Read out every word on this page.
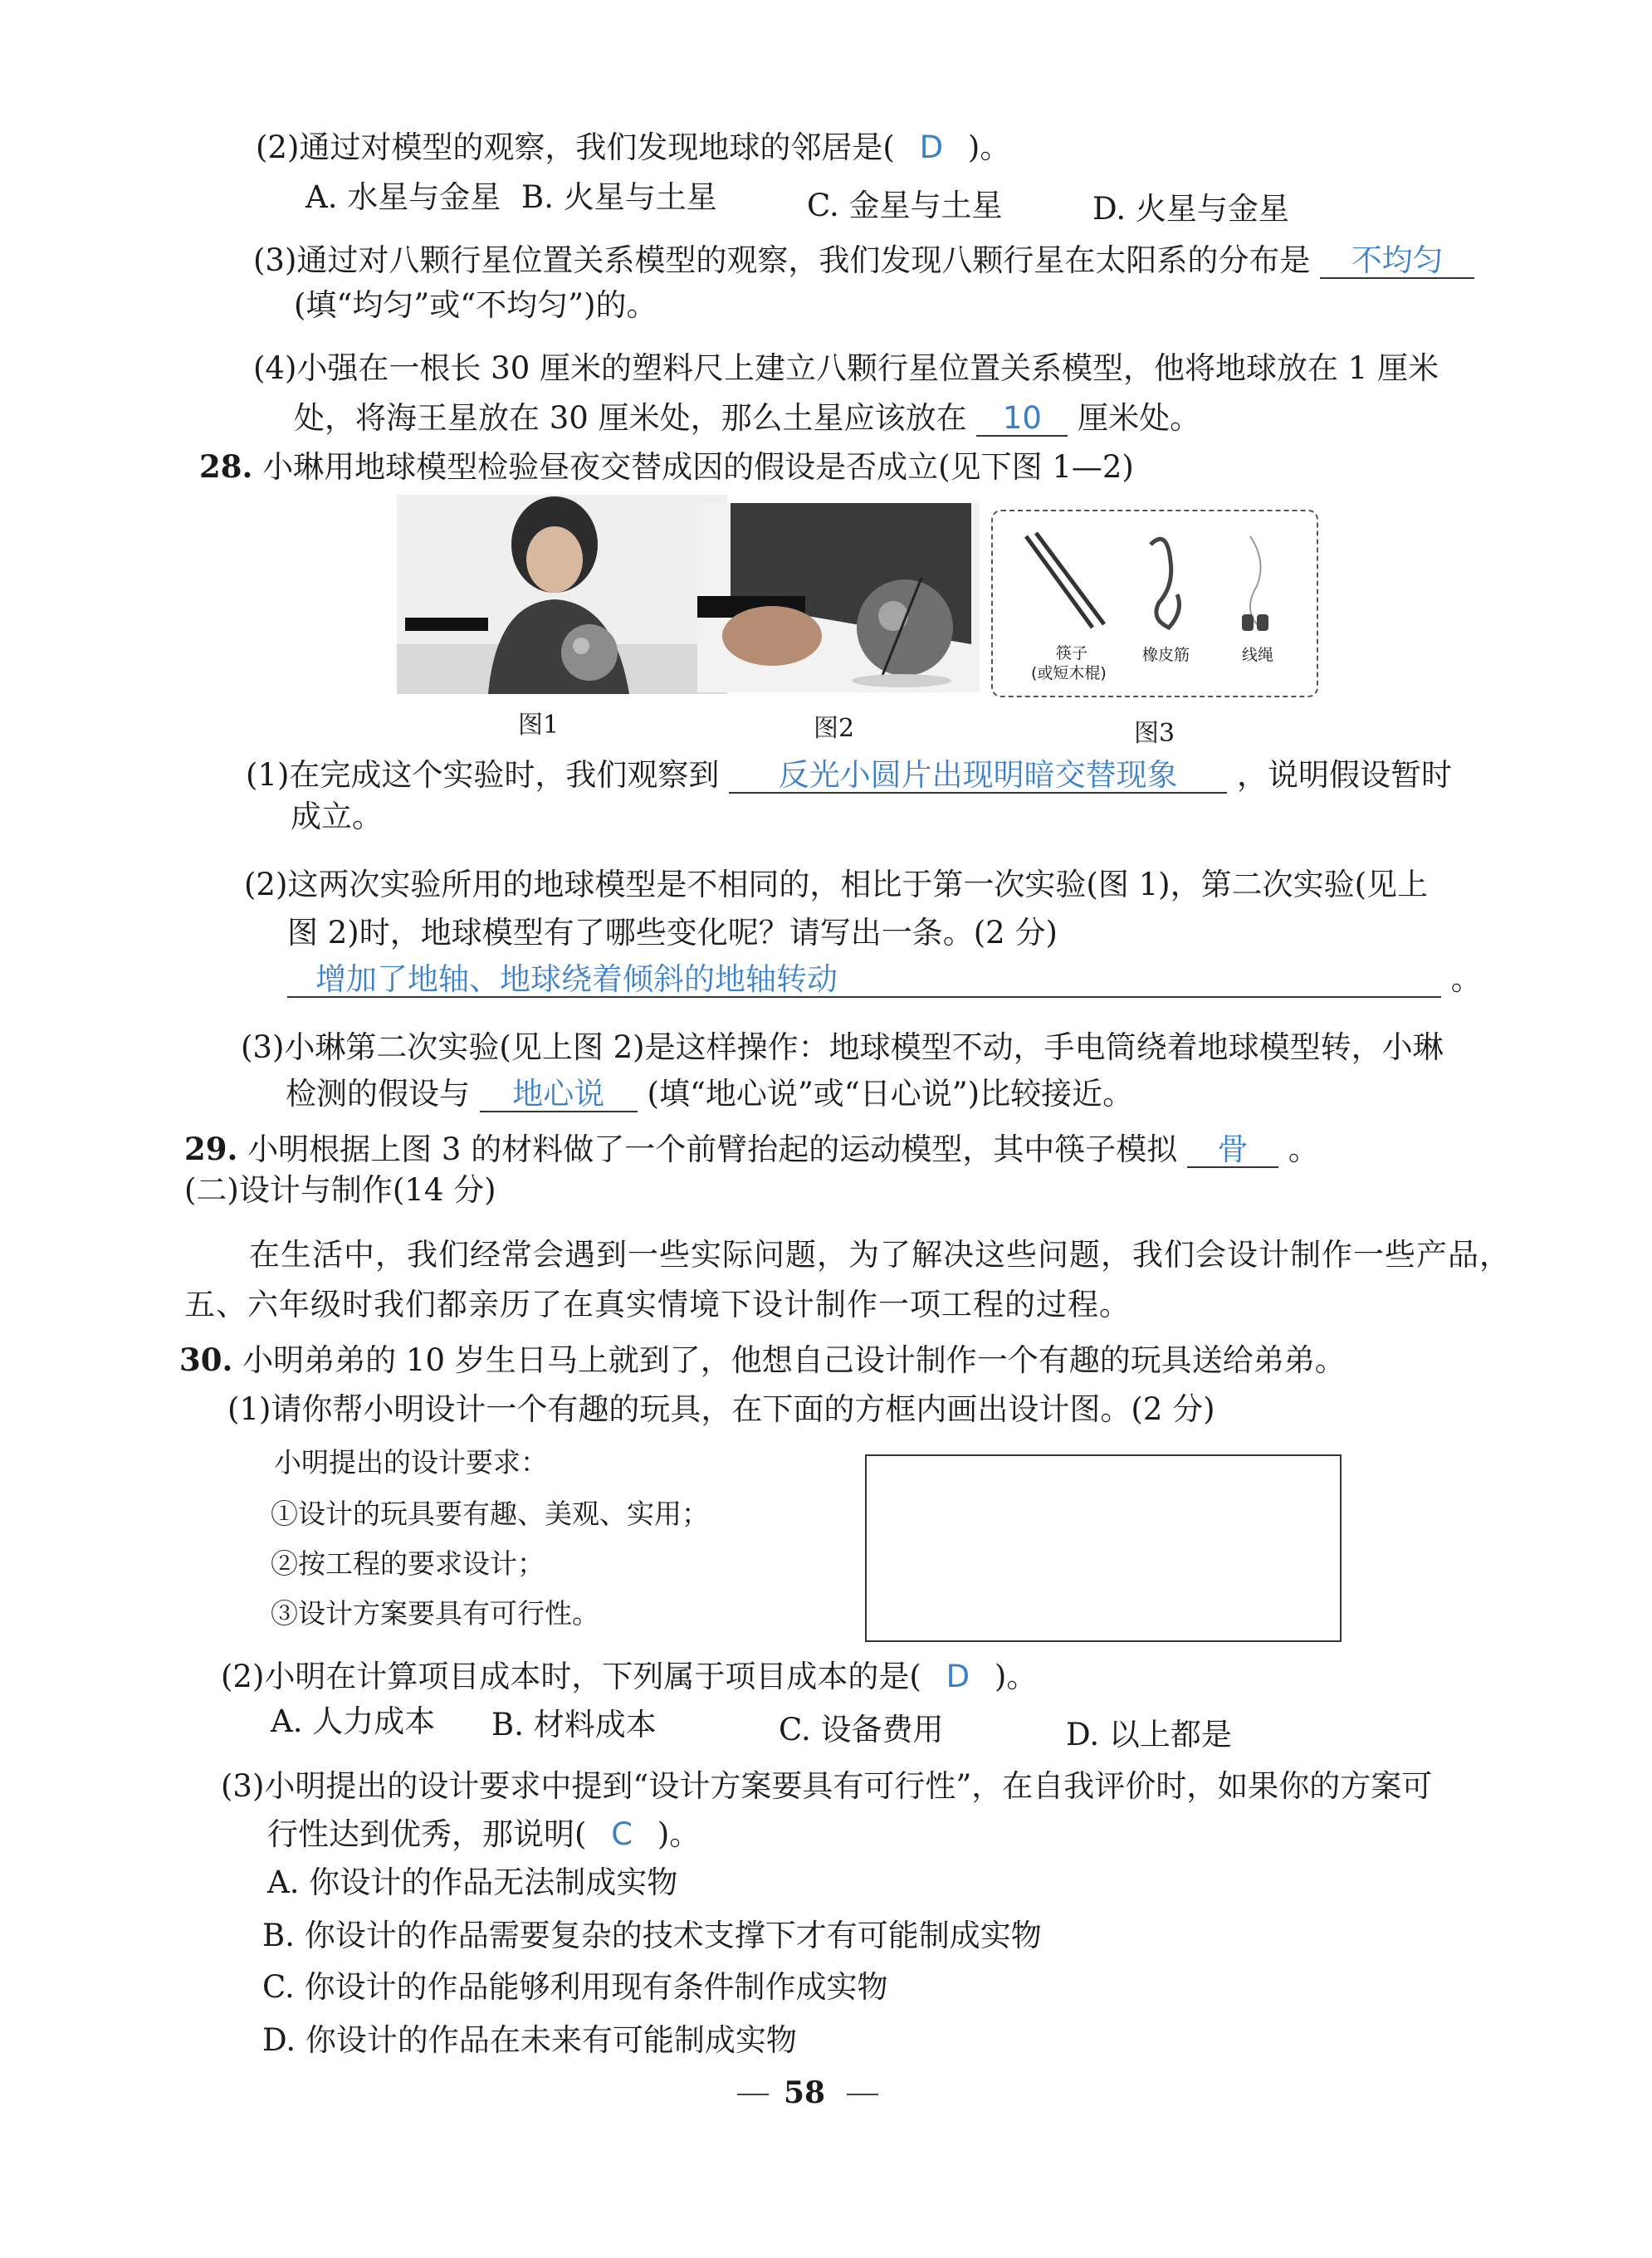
(2)通过对模型的观察，我们发现地球的邻居是( D )。
A. 水星与金星 B. 火星与土星	C. 金星与土星	D. 火星与金星
(3)通过对八颗行星位置关系模型的观察，我们发现八颗行星在太阳系的分布是 不均匀
(填“均匀”或“不均匀”)的。
(4)小强在一根长 30 厘米的塑料尺上建立八颗行星位置关系模型，他将地球放在 1 厘米
处，将海王星放在 30 厘米处，那么土星应该放在 10 厘米处。
28. 小琳用地球模型检验昼夜交替成因的假设是否成立(见下图 1—2)
图1	图2
筷子
(或短木棍)
橡皮筋	线绳
图3
(1)在完成这个实验时，我们观察到 反光小圆片出现明暗交替现象 ，说明假设暂时
成立。
(2)这两次实验所用的地球模型是不相同的，相比于第一次实验(图 1)，第二次实验(见上
图 2)时，地球模型有了哪些变化呢？请写出一条。(2 分)
增加了地轴、地球绕着倾斜的地轴转动	。
(3)小琳第二次实验(见上图 2)是这样操作：地球模型不动，手电筒绕着地球模型转，小琳
检测的假设与 地心说 (填“地心说”或“日心说”)比较接近。
29. 小明根据上图 3 的材料做了一个前臂抬起的运动模型，其中筷子模拟 骨 。
(二)设计与制作(14 分)
在生活中，我们经常会遇到一些实际问题，为了解决这些问题，我们会设计制作一些产品，
五、六年级时我们都亲历了在真实情境下设计制作一项工程的过程。
30. 小明弟弟的 10 岁生日马上就到了，他想自己设计制作一个有趣的玩具送给弟弟。
(1)请你帮小明设计一个有趣的玩具，在下面的方框内画出设计图。(2 分)
小明提出的设计要求：
①设计的玩具要有趣、美观、实用；
②按工程的要求设计；
③设计方案要具有可行性。
(2)小明在计算项目成本时，下列属于项目成本的是( D )。
A. 人力成本 B. 材料成本	C. 设备费用	D. 以上都是
(3)小明提出的设计要求中提到“设计方案要具有可行性”，在自我评价时，如果你的方案可
行性达到优秀，那说明( C )。
A. 你设计的作品无法制成实物
B. 你设计的作品需要复杂的技术支撑下才有可能制成实物
C. 你设计的作品能够利用现有条件制作成实物
D. 你设计的作品在未来有可能制成实物
58
